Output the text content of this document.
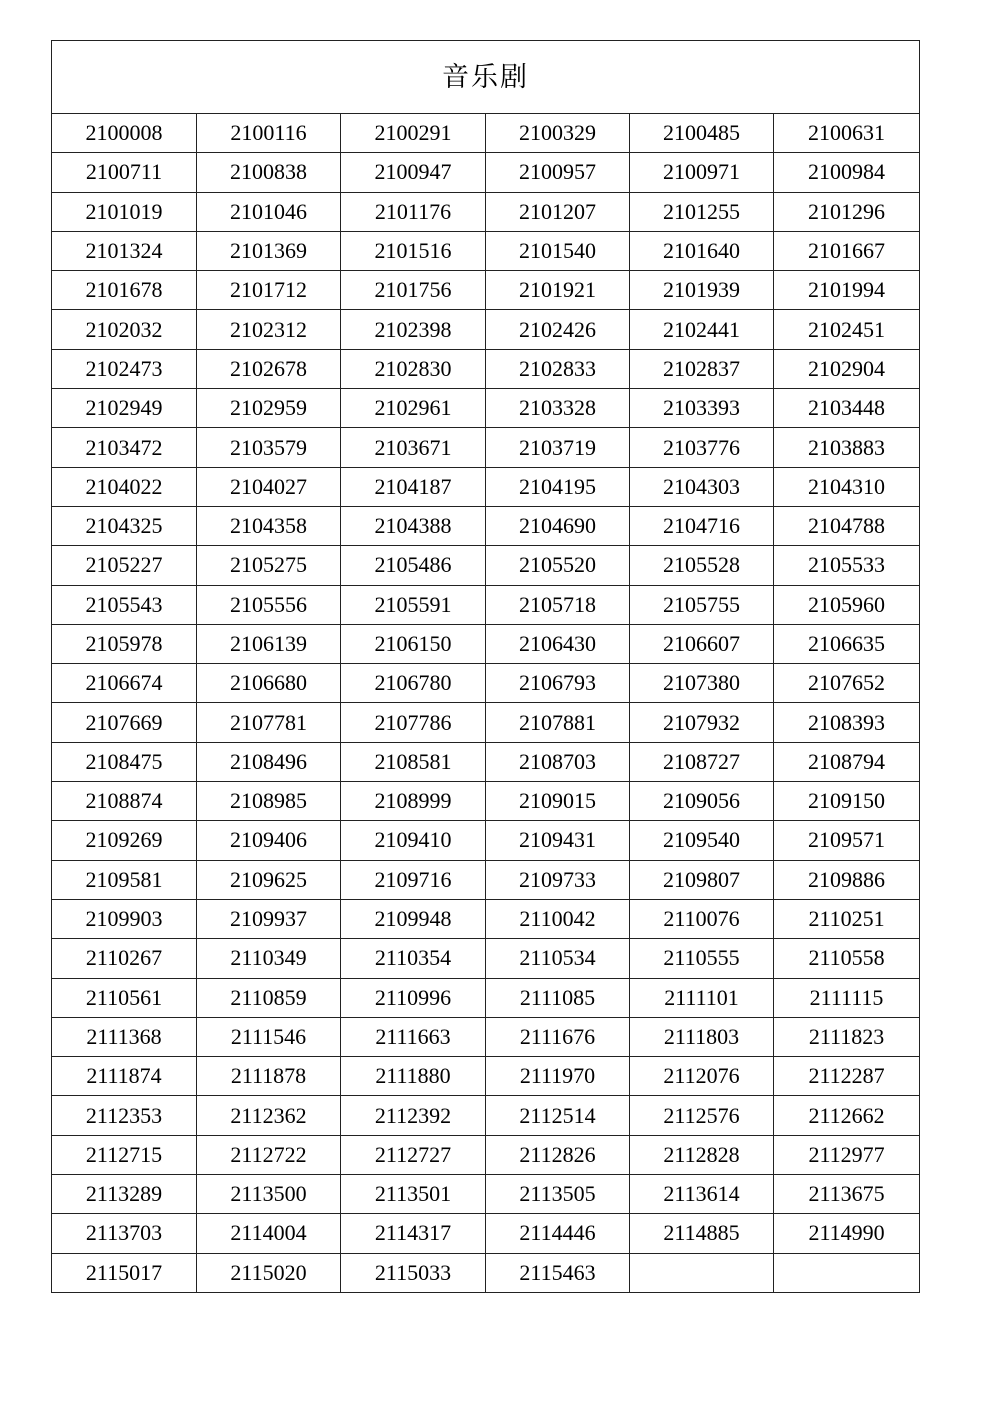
音乐剧					
2100008	2100116	2100291	2100329	2100485	2100631
2100711	2100838	2100947	2100957	2100971	2100984
2101019	2101046	2101176	2101207	2101255	2101296
2101324	2101369	2101516	2101540	2101640	2101667
2101678	2101712	2101756	2101921	2101939	2101994
2102032	2102312	2102398	2102426	2102441	2102451
2102473	2102678	2102830	2102833	2102837	2102904
2102949	2102959	2102961	2103328	2103393	2103448
2103472	2103579	2103671	2103719	2103776	2103883
2104022	2104027	2104187	2104195	2104303	2104310
2104325	2104358	2104388	2104690	2104716	2104788
2105227	2105275	2105486	2105520	2105528	2105533
2105543	2105556	2105591	2105718	2105755	2105960
2105978	2106139	2106150	2106430	2106607	2106635
2106674	2106680	2106780	2106793	2107380	2107652
2107669	2107781	2107786	2107881	2107932	2108393
2108475	2108496	2108581	2108703	2108727	2108794
2108874	2108985	2108999	2109015	2109056	2109150
2109269	2109406	2109410	2109431	2109540	2109571
2109581	2109625	2109716	2109733	2109807	2109886
2109903	2109937	2109948	2110042	2110076	2110251
2110267	2110349	2110354	2110534	2110555	2110558
2110561	2110859	2110996	2111085	2111101	2111115
2111368	2111546	2111663	2111676	2111803	2111823
2111874	2111878	2111880	2111970	2112076	2112287
2112353	2112362	2112392	2112514	2112576	2112662
2112715	2112722	2112727	2112826	2112828	2112977
2113289	2113500	2113501	2113505	2113614	2113675
2113703	2114004	2114317	2114446	2114885	2114990
2115017	2115020	2115033	2115463		
